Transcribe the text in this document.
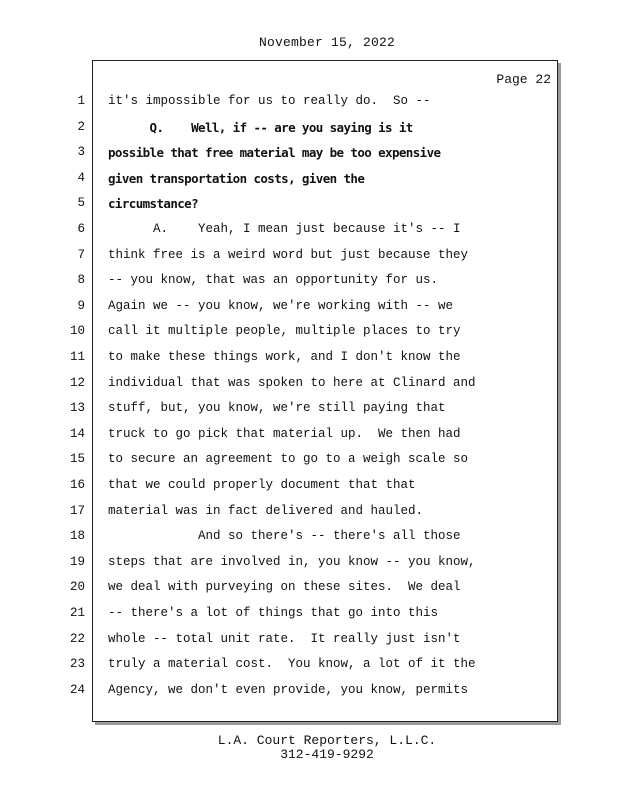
November 15, 2022
Page 22
1 it's impossible for us to really do.  So --
2 Q.    Well, if -- are you saying is it
3 possible that free material may be too expensive
4 given transportation costs, given the
5 circumstance?
6 A.    Yeah, I mean just because it's -- I
7 think free is a weird word but just because they
8 -- you know, that was an opportunity for us.
9 Again we -- you know, we're working with -- we
10 call it multiple people, multiple places to try
11 to make these things work, and I don't know the
12 individual that was spoken to here at Clinard and
13 stuff, but, you know, we're still paying that
14 truck to go pick that material up.  We then had
15 to secure an agreement to go to a weigh scale so
16 that we could properly document that that
17 material was in fact delivered and hauled.
18 And so there's -- there's all those
19 steps that are involved in, you know -- you know,
20 we deal with purveying on these sites.  We deal
21 -- there's a lot of things that go into this
22 whole -- total unit rate.  It really just isn't
23 truly a material cost.  You know, a lot of it the
24 Agency, we don't even provide, you know, permits
L.A. Court Reporters, L.L.C.
312-419-9292
